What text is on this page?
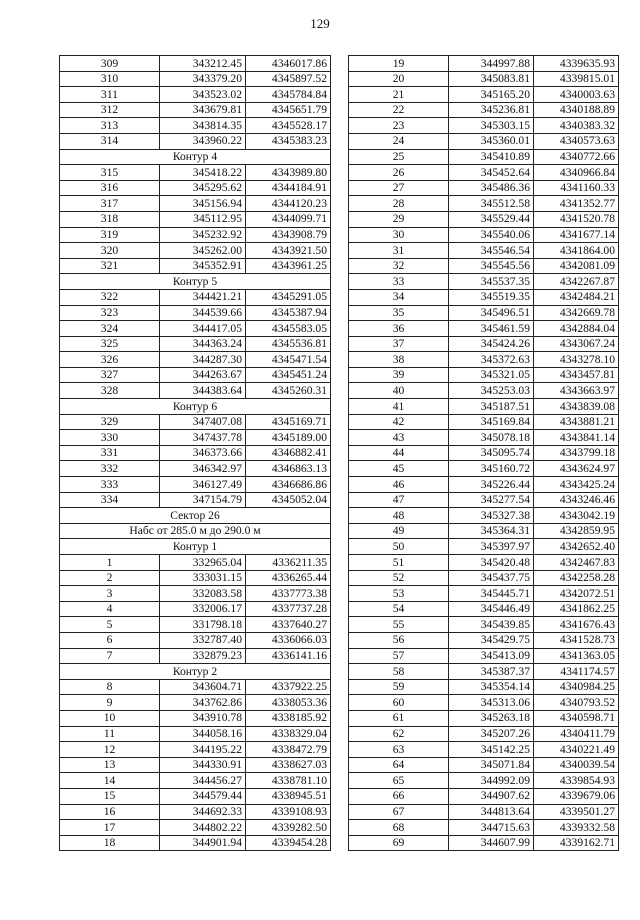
129
309	343212.45	4346017.86
310	343379.20	4345897.52
311	343523.02	4345784.84
312	343679.81	4345651.79
313	343814.35	4345528.17
314	343960.22	4345383.23
Контур 4		
315	345418.22	4343989.80
316	345295.62	4344184.91
317	345156.94	4344120.23
318	345112.95	4344099.71
319	345232.92	4343908.79
320	345262.00	4343921.50
321	345352.91	4343961.25
Контур 5		
322	344421.21	4345291.05
323	344539.66	4345387.94
324	344417.05	4345583.05
325	344363.24	4345536.81
326	344287.30	4345471.54
327	344263.67	4345451.24
328	344383.64	4345260.31
Контур 6		
329	347407.08	4345169.71
330	347437.78	4345189.00
331	346373.66	4346882.41
332	346342.97	4346863.13
333	346127.49	4346686.86
334	347154.79	4345052.04
Сектор 26		
Набс от 285.0 м до 290.0 м		
Контур 1		
1	332965.04	4336211.35
2	333031.15	4336265.44
3	332083.58	4337773.38
4	332006.17	4337737.28
5	331798.18	4337640.27
6	332787.40	4336066.03
7	332879.23	4336141.16
Контур 2		
8	343604.71	4337922.25
9	343762.86	4338053.36
10	343910.78	4338185.92
11	344058.16	4338329.04
12	344195.22	4338472.79
13	344330.91	4338627.03
14	344456.27	4338781.10
15	344579.44	4338945.51
16	344692.33	4339108.93
17	344802.22	4339282.50
18	344901.94	4339454.28
19	344997.88	4339635.93
20	345083.81	4339815.01
21	345165.20	4340003.63
22	345236.81	4340188.89
23	345303.15	4340383.32
24	345360.01	4340573.63
25	345410.89	4340772.66
26	345452.64	4340966.84
27	345486.36	4341160.33
28	345512.58	4341352.77
29	345529.44	4341520.78
30	345540.06	4341677.14
31	345546.54	4341864.00
32	345545.56	4342081.09
33	345537.35	4342267.87
34	345519.35	4342484.21
35	345496.51	4342669.78
36	345461.59	4342884.04
37	345424.26	4343067.24
38	345372.63	4343278.10
39	345321.05	4343457.81
40	345253.03	4343663.97
41	345187.51	4343839.08
42	345169.84	4343881.21
43	345078.18	4343841.14
44	345095.74	4343799.18
45	345160.72	4343624.97
46	345226.44	4343425.24
47	345277.54	4343246.46
48	345327.38	4343042.19
49	345364.31	4342859.95
50	345397.97	4342652.40
51	345420.48	4342467.83
52	345437.75	4342258.28
53	345445.71	4342072.51
54	345446.49	4341862.25
55	345439.85	4341676.43
56	345429.75	4341528.73
57	345413.09	4341363.05
58	345387.37	4341174.57
59	345354.14	4340984.25
60	345313.06	4340793.52
61	345263.18	4340598.71
62	345207.26	4340411.79
63	345142.25	4340221.49
64	345071.84	4340039.54
65	344992.09	4339854.93
66	344907.62	4339679.06
67	344813.64	4339501.27
68	344715.63	4339332.58
69	344607.99	4339162.71
